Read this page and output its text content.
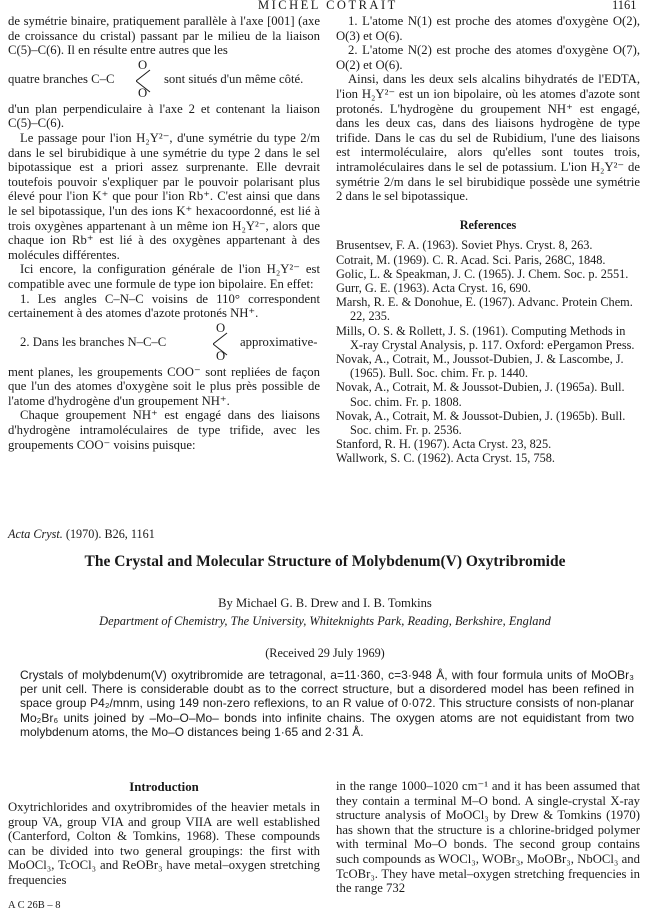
MICHEL COTRAIT	1161

de symétrie binaire, pratiquement parallèle à l'axe [001] (axe de croissance du cristal) passant par le milieu de la liaison C(5)–C(6). Il en résulte entre autres que les

O
quatre branches C–C	sont situés d'un même côté.
O

d'un plan perpendiculaire à l'axe 2 et contenant la liaison C(5)–C(6).

Le passage pour l'ion H₂Y²⁻, d'une symétrie du type 2/m dans le sel birubidique à une symétrie du type 2 dans le sel bipotassique est a priori assez surprenante. Elle devrait toutefois pouvoir s'expliquer par le pouvoir polarisant plus élevé pour l'ion K⁺ que pour l'ion Rb⁺. C'est ainsi que dans le sel bipotassique, l'un des ions K⁺ hexacoordonné, est lié à trois oxygènes appartenant à un même ion H₂Y²⁻, alors que chaque ion Rb⁺ est lié à des oxygènes appartenant à des molécules différentes.

Ici encore, la configuration générale de l'ion H₂Y²⁻ est compatible avec une formule de type ion bipolaire. En effet:

1. Les angles C–N–C voisins de 110° correspondent certainement à des atomes d'azote protonés NH⁺.

O
2. Dans les branches N–C–C	approximative-
O

ment planes, les groupements COO⁻ sont repliées de façon que l'un des atomes d'oxygène soit le plus près possible de l'atome d'hydrogène d'un groupement NH⁺.

Chaque groupement NH⁺ est engagé dans des liaisons d'hydrogène intramoléculaires de type trifide, avec les groupements COO⁻ voisins puisque:

1. L'atome N(1) est proche des atomes d'oxygène O(2), O(3) et O(6).

2. L'atome N(2) est proche des atomes d'oxygène O(7), O(2) et O(6).

Ainsi, dans les deux sels alcalins bihydratés de l'EDTA, l'ion H₂Y²⁻ est un ion bipolaire, où les atomes d'azote sont protonés. L'hydrogène du groupement NH⁺ est engagé, dans les deux cas, dans des liaisons hydrogène de type trifide. Dans le cas du sel de Rubidium, l'une des liaisons est intermoléculaire, alors qu'elles sont toutes trois, intramoléculaires dans le sel de potassium. L'ion H₂Y²⁻ de symétrie 2/m dans le sel birubidique possède une symétrie 2 dans le sel bipotassique.

References
Brusentsev, F. A. (1963). Soviet Phys. Cryst. 8, 263.
Cotrait, M. (1969). C. R. Acad. Sci. Paris, 268C, 1848.
Golic, L. & Speakman, J. C. (1965). J. Chem. Soc. p. 2551.
Gurr, G. E. (1963). Acta Cryst. 16, 690.
Marsh, R. E. & Donohue, E. (1967). Advanc. Protein Chem. 22, 235.
Mills, O. S. & Rollett, J. S. (1961). Computing Methods in X-ray Crystal Analysis, p. 117. Oxford: ePergamon Press.
Novak, A., Cotrait, M., Joussot-Dubien, J. & Lascombe, J. (1965). Bull. Soc. chim. Fr. p. 1440.
Novak, A., Cotrait, M. & Joussot-Dubien, J. (1965a). Bull. Soc. chim. Fr. p. 1808.
Novak, A., Cotrait, M. & Joussot-Dubien, J. (1965b). Bull. Soc. chim. Fr. p. 2536.
Stanford, R. H. (1967). Acta Cryst. 23, 825.
Wallwork, S. C. (1962). Acta Cryst. 15, 758.
Acta Cryst. (1970). B26, 1161
The Crystal and Molecular Structure of Molybdenum(V) Oxytribromide
By Michael G. B. Drew and I. B. Tomkins
Department of Chemistry, The University, Whiteknights Park, Reading, Berkshire, England
(Received 29 July 1969)
Crystals of molybdenum(V) oxytribromide are tetragonal, a=11·360, c=3·948 Å, with four formula units of MoOBr₃ per unit cell. There is considerable doubt as to the correct structure, but a disordered model has been refined in space group P4₂/mnm, using 149 non-zero reflexions, to an R value of 0·072. This structure consists of non-planar Mo₂Br₆ units joined by –Mo–O–Mo– bonds into infinite chains. The oxygen atoms are not equidistant from two molybdenum atoms, the Mo–O distances being 1·65 and 2·31 Å.
Introduction
Oxytrichlorides and oxytribromides of the heavier metals in group VA, group VIA and group VIIA are well established (Canterford, Colton & Tomkins, 1968). These compounds can be divided into two general groupings: the first with MoOCl₃, TcOCl₃ and ReOBr₃ have metal–oxygen stretching frequencies
in the range 1000–1020 cm⁻¹ and it has been assumed that they contain a terminal M–O bond. A single-crystal X-ray structure analysis of MoOCl₃ by Drew & Tomkins (1970) has shown that the structure is a chlorine-bridged polymer with terminal Mo–O bonds. The second group contains such compounds as WOCl₃, WOBr₃, MoOBr₃, NbOCl₃ and TcOBr₃. They have metal–oxygen stretching frequencies in the range 732
A C 26B – 8
